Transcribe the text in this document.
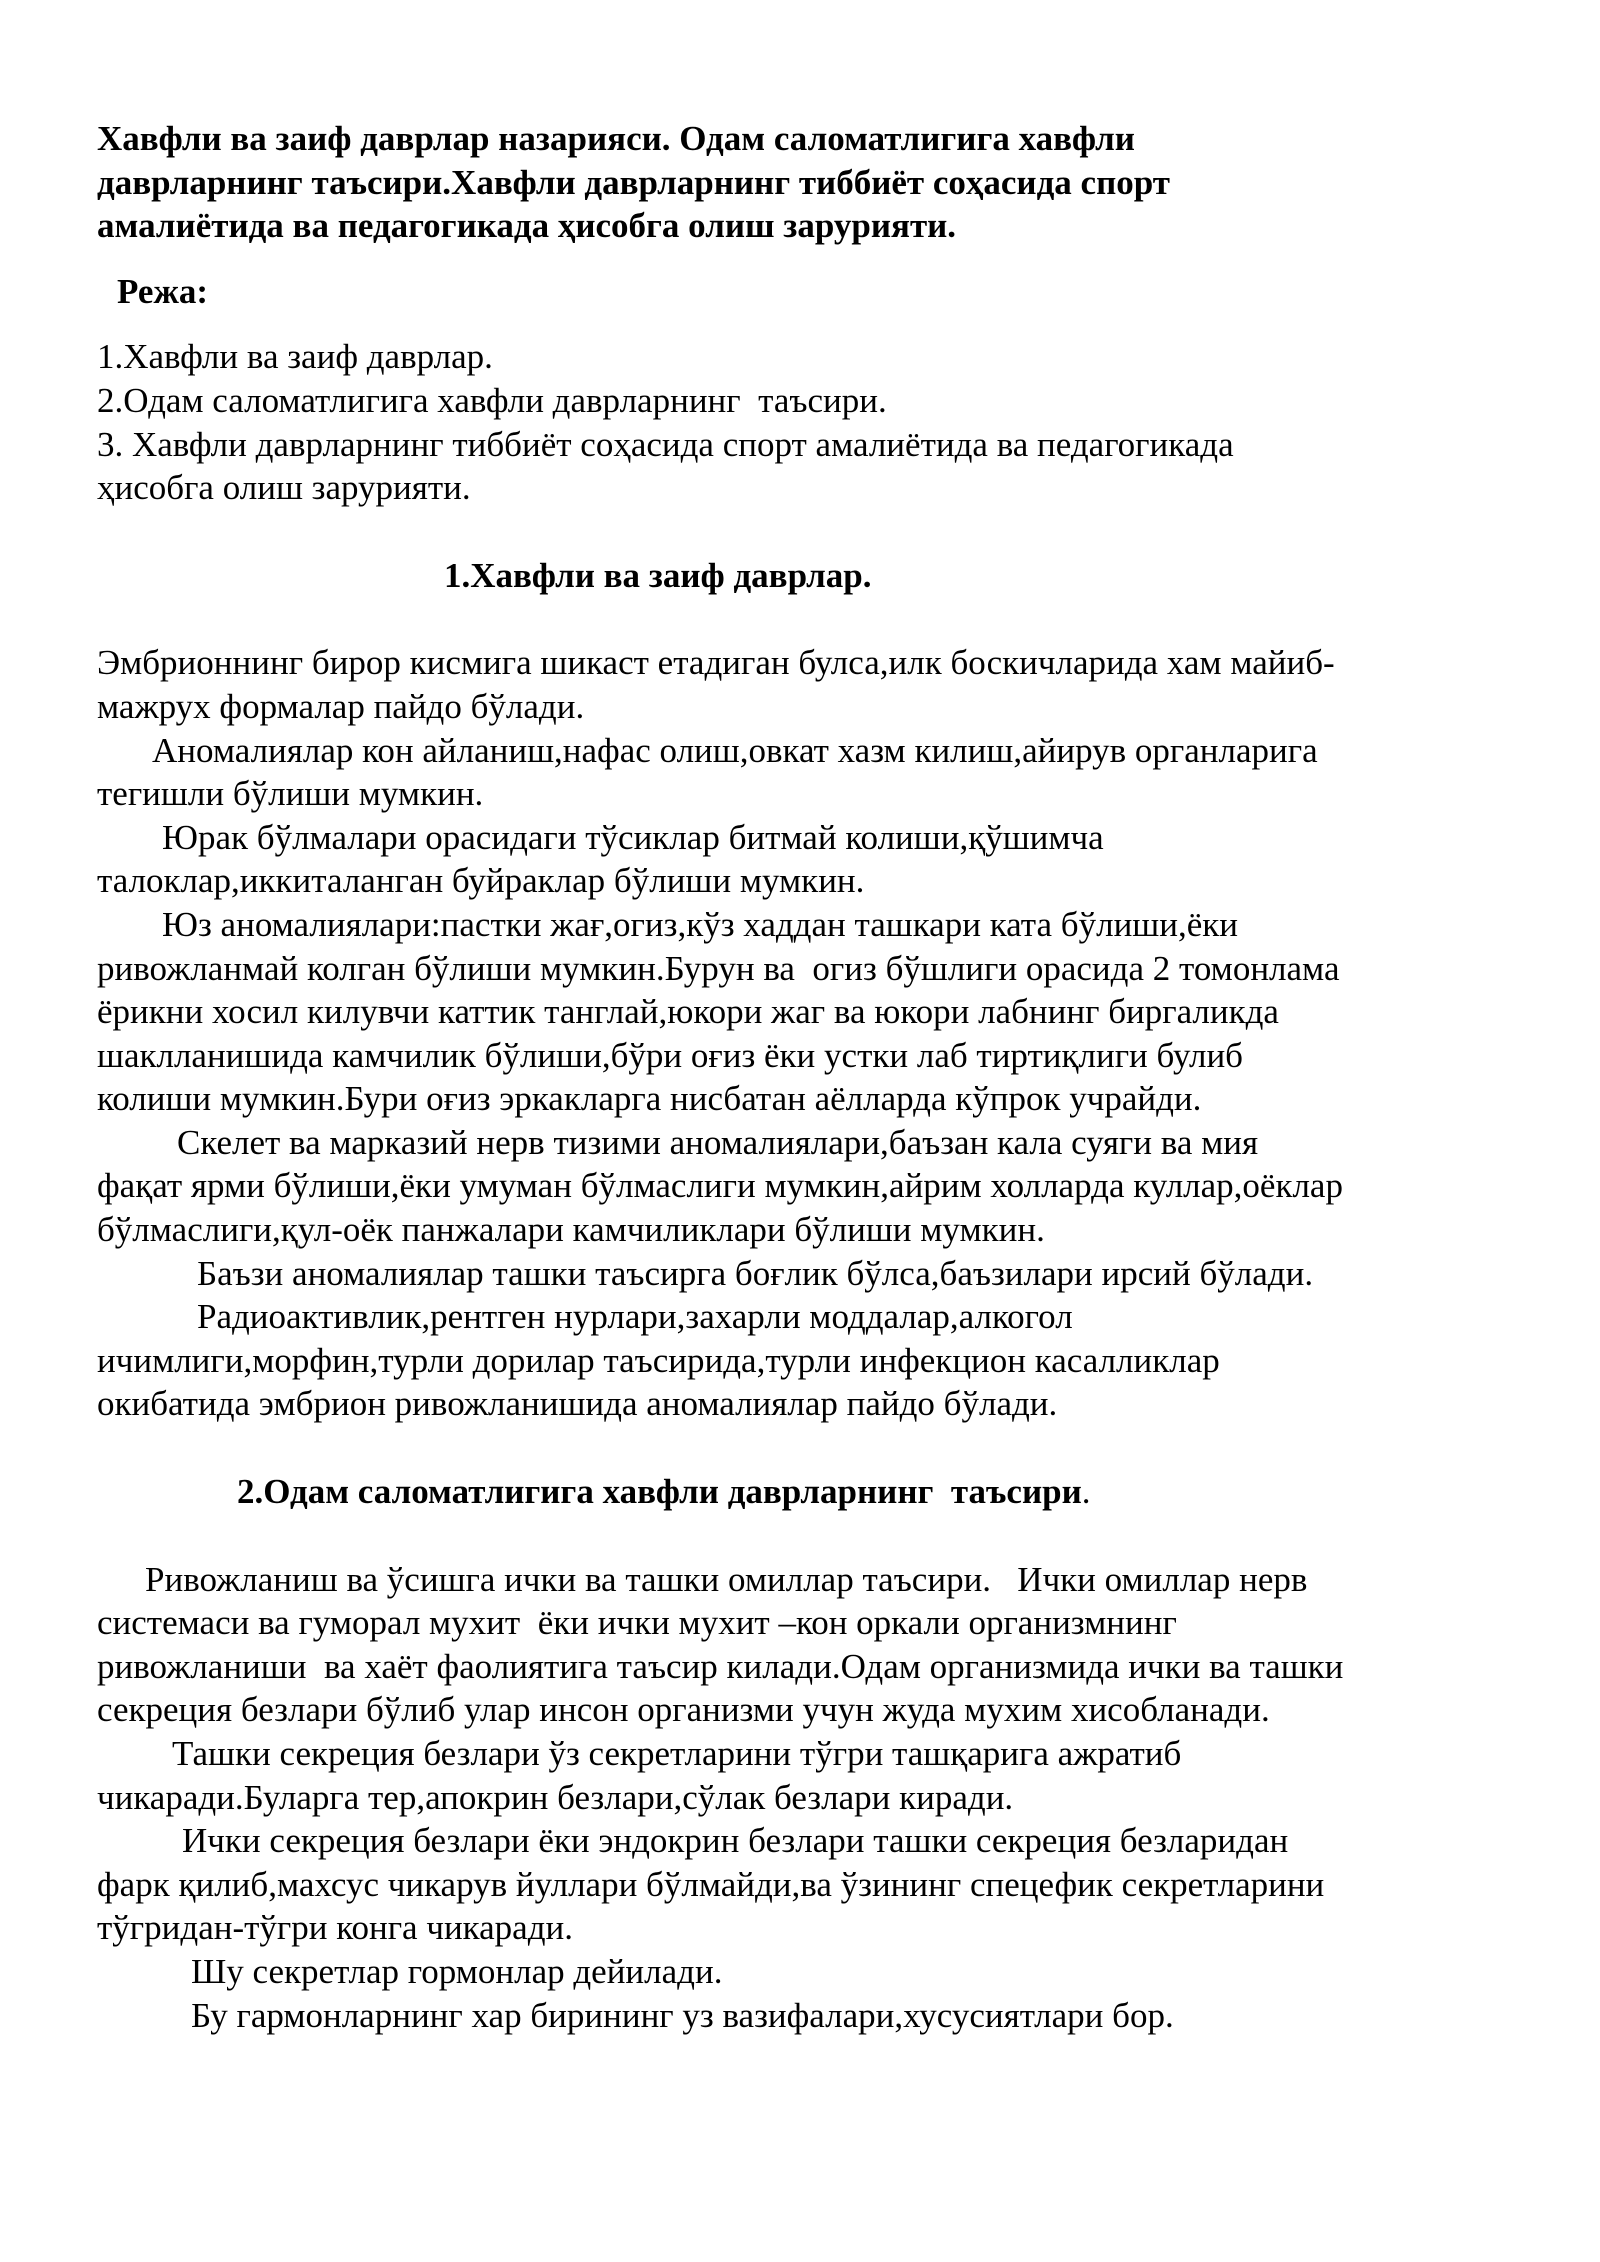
Хавфли ва заиф даврлар назарияси. Одам саломатлигига хавфли
даврларнинг таъсири.Хавфли даврларнинг тиббиёт соҳасида спорт
амалиётида ва педагогикада ҳисобга олиш зарурияти.
Режа:
1.Хавфли ва заиф даврлар.
2.Одам саломатлигига хавфли даврларнинг  таъсири.
3. Хавфли даврларнинг тиббиёт соҳасида спорт амалиётида ва педагогикада
ҳисобга олиш зарурияти.
1.Хавфли ва заиф даврлар.
Эмбрионнинг бирор кисмига шикаст етадиган булса,илк боскичларида хам майиб-
мажрух формалар пайдо бўлади.
Аномалиялар кон айланиш,нафас олиш,овкат хазм килиш,айирув органларига
тегишли бўлиши мумкин.
Юрак бўлмалари орасидаги тўсиклар битмай колиши,қўшимча
талоклар,иккиталанган буйраклар бўлиши мумкин.
Юз аномалиялари:пастки жағ,огиз,кўз хаддан ташкари ката бўлиши,ёки
ривожланмай колган бўлиши мумкин.Бурун ва  огиз бўшлиги орасида 2 томонлама
ёрикни хосил килувчи каттик танглай,юкори жаг ва юкори лабнинг биргаликда
шаклланишида камчилик бўлиши,бўри оғиз ёки устки лаб тиртиқлиги булиб
колиши мумкин.Бури оғиз эркакларга нисбатан аёлларда кўпрок учрайди.
Скелет ва марказий нерв тизими аномалиялари,баъзан кала суяги ва мия
фақат ярми бўлиши,ёки умуман бўлмаслиги мумкин,айрим холларда куллар,оёклар
бўлмаслиги,қул-оёк панжалари камчиликлари бўлиши мумкин.
Баъзи аномалиялар ташки таъсирга боғлик бўлса,баъзилари ирсий бўлади.
Радиоактивлик,рентген нурлари,захарли моддалар,алкогол
ичимлиги,морфин,турли дорилар таъсирида,турли инфекцион касалликлар
окибатида эмбрион ривожланишида аномалиялар пайдо бўлади.
2.Одам саломатлигига хавфли даврларнинг  таъсири.
Ривожланиш ва ўсишга ички ва ташки омиллар таъсири.   Ички омиллар нерв
системаси ва гуморал мухит  ёки ички мухит –кон оркали организмнинг
ривожланиши  ва хаёт фаолиятига таъсир килади.Одам организмида ички ва ташки
секреция безлари бўлиб улар инсон организми учун жуда мухим хисобланади.
Ташки секреция безлари ўз секретларини тўгри ташқарига ажратиб
чикаради.Буларга тер,апокрин безлари,сўлак безлари киради.
Ички секреция безлари ёки эндокрин безлари ташки секреция безларидан
фарк қилиб,махсус чикарув йуллари бўлмайди,ва ўзининг спецефик секретларини
тўгридан-тўгри конга чикаради.
Шу секретлар гормонлар дейилади.
Бу гармонларнинг хар бирининг уз вазифалари,хусусиятлари бор.
